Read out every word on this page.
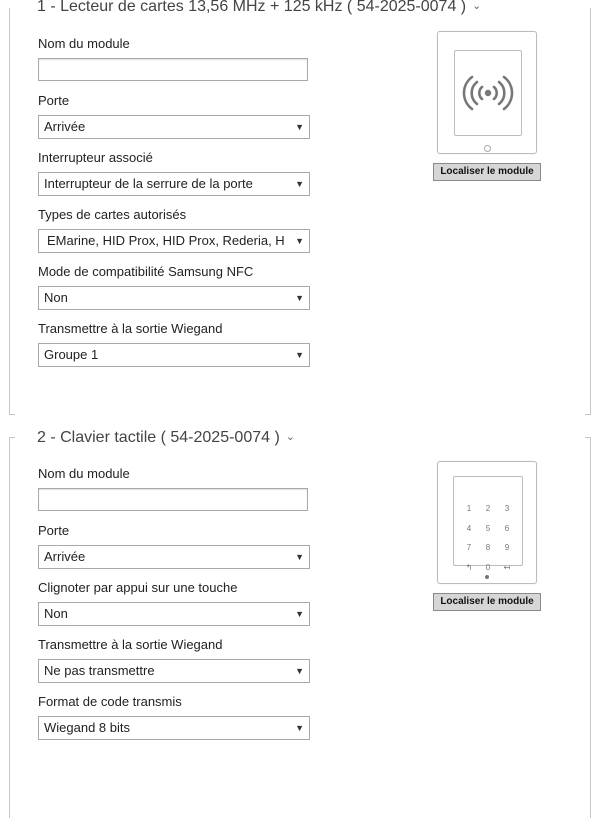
1 - Lecteur de cartes 13,56 MHz + 125 kHz ( 54-2025-0074 ) ⌄
Nom du module
Porte
Arrivée	▼
Interrupteur associé
Interrupteur de la serrure de la porte	▼
Types de cartes autorisés
EMarine, HID Prox, HID Prox, Rederia, H ▼
Mode de compatibilité Samsung NFC
Non	▼
Transmettre à la sortie Wiegand
Groupe 1	▼
Localiser le module
2 - Clavier tactile ( 54-2025-0074 ) ⌄
Nom du module
Porte
Arrivée	▼
Clignoter par appui sur une touche
Non	▼
Transmettre à la sortie Wiegand
Ne pas transmettre	▼
Format de code transmis
Wiegand 8 bits	▼
1	2	3
4	5	6
7	8	9
↰	0	↤
Localiser le module
